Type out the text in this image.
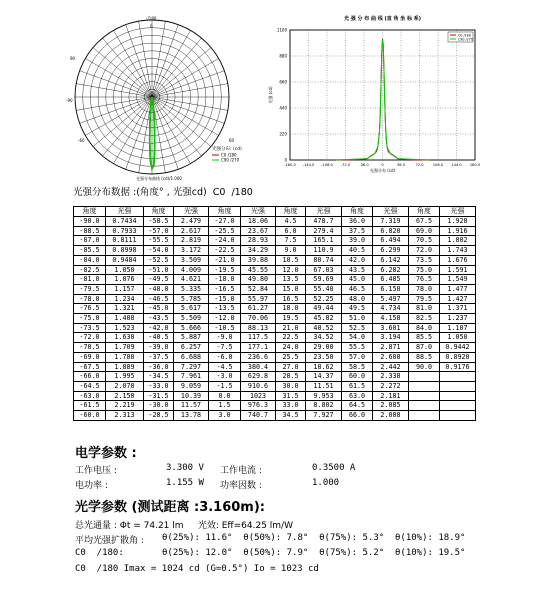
-/180
0
90
-90
-60	60
光强分布曲线 (cd)/1.000
光强分布: (cd)
C0 /180
C90 /270
光 强 分 布 曲 线 (直 角 坐 标 系)
1100
880
660
440
220
0
-180.0 -144.0 -108.0 -72.0	-36.0	0	36.0	72.0	108.0 144.0 180.0
光强 (cd)
光强分布 (cd)
C0 /180
C90 /270
光强分布数据 :(角度° , 光强cd)  C0  /180
角度	光强	角度	光强	角度	光强	角度	光强	角度	光强	角度	光强
-90.0	0.7434	-58.5	2.479	-27.0	18.06	4.5	478.7	36.0	7.319	67.5	1.928
-88.5	0.7933	-57.0	2.617	-25.5	23.67	6.0	279.4	37.5	6.820	69.0	1.916
-87.0	0.8111	-55.5	2.819	-24.0	28.93	7.5	165.1	39.0	6.494	70.5	1.802
-85.5	0.8998	-54.0	3.172	-22.5	34.29	9.0	110.9	40.5	6.299	72.0	1.743
-84.0	0.9484	-52.5	3.509	-21.0	39.88	10.5	80.74	42.0	6.142	73.5	1.676
-82.5	1.050	-51.0	4.009	-19.5	45.55	12.0	67.03	43.5	6.282	75.0	1.591
-81.0	1.076	-49.5	4.621	-18.0	49.80	13.5	59.69	45.0	6.485	76.5	1.549
-79.5	1.157	-48.0	5.335	-16.5	52.84	15.0	55.40	46.5	6.158	78.0	1.477
-78.0	1.234	-46.5	5.785	-15.0	55.97	16.5	52.25	48.0	5.497	79.5	1.427
-76.5	1.321	-45.0	5.617	-13.5	61.27	18.0	49.44	49.5	4.734	81.0	1.371
-75.0	1.408	-43.5	5.509	-12.0	70.06	19.5	45.82	51.0	4.158	82.5	1.237
-73.5	1.523	-42.0	5.666	-10.5	88.13	21.0	40.52	52.5	3.601	84.0	1.107
-72.0	1.630	-40.5	5.887	-9.0	117.5	22.5	34.52	54.0	3.194	85.5	1.050
-70.5	1.709	-39.0	6.257	-7.5	177.1	24.0	29.00	55.5	2.871	87.0	0.9442
-69.0	1.780	-37.5	6.688	-6.0	236.6	25.5	23.50	57.0	2.608	88.5	0.8920
-67.5	1.889	-36.0	7.297	-4.5	380.4	27.0	18.62	58.5	2.442	90.0	0.9176
-66.0	1.995	-34.5	7.961	-3.0	629.8	28.5	14.37	60.0	2.338		
-64.5	2.070	-33.0	9.059	-1.5	910.6	30.0	11.51	61.5	2.272		
-63.0	2.150	-31.5	10.39	0.0	1023	31.5	9.953	63.0	2.181		
-61.5	2.219	-30.0	11.57	1.5	976.3	33.0	8.802	64.5	2.085		
-60.0	2.313	-28.5	13.78	3.0	740.7	34.5	7.927	66.0	2.008		
电学参数 :
工作电压 :	3.300 V 工作电流 :	0.3500 A
电功率 :	1.155 W 功率因数 :	1.000
光学参数 (测试距离 :3.160m):
总光通量 : Φt = 74.21 lm     光效: Eff=64.25 lm/W
平均光强扩散角 : θ(25%): 11.6°  θ(50%): 7.8°  θ(75%): 5.3°  θ(10%): 18.9°
C0  /180:	θ(25%): 12.0°  θ(50%): 7.9°  θ(75%): 5.2°  θ(10%): 19.5°
C0  /180 Imax = 1024 cd (G=0.5°) Io = 1023 cd
